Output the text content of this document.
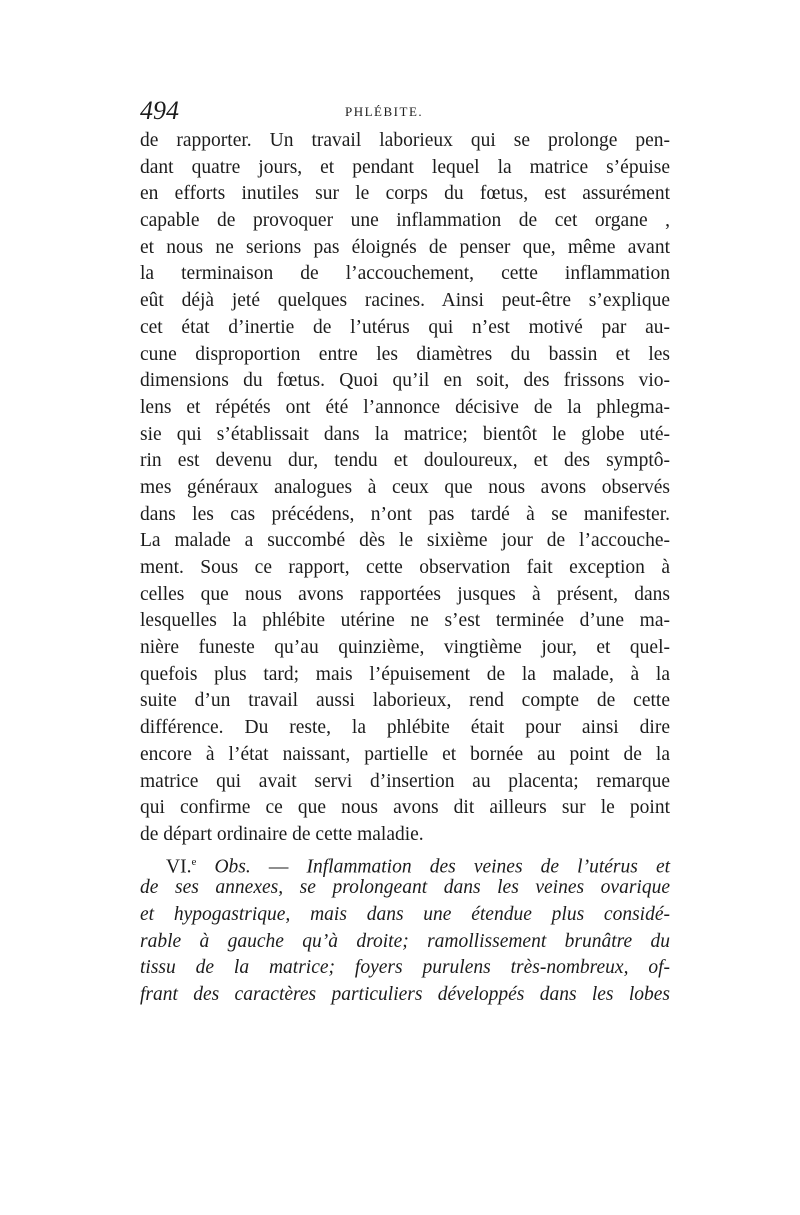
494	PHLÉBITE.
de rapporter. Un travail laborieux qui se prolonge pen-
dant quatre jours, et pendant lequel la matrice s’épuise
en efforts inutiles sur le corps du fœtus, est assurément
capable de provoquer une inflammation de cet organe ,
et nous ne serions pas éloignés de penser que, même avant
la terminaison de l’accouchement, cette inflammation
eût déjà jeté quelques racines. Ainsi peut-être s’explique
cet état d’inertie de l’utérus qui n’est motivé par au-
cune disproportion entre les diamètres du bassin et les
dimensions du fœtus. Quoi qu’il en soit, des frissons vio-
lens et répétés ont été l’annonce décisive de la phlegma-
sie qui s’établissait dans la matrice; bientôt le globe uté-
rin est devenu dur, tendu et douloureux, et des symptô-
mes généraux analogues à ceux que nous avons observés
dans les cas précédens, n’ont pas tardé à se manifester.
La malade a succombé dès le sixième jour de l’accouche-
ment. Sous ce rapport, cette observation fait exception à
celles que nous avons rapportées jusques à présent, dans
lesquelles la phlébite utérine ne s’est terminée d’une ma-
nière funeste qu’au quinzième, vingtième jour, et quel-
quefois plus tard; mais l’épuisement de la malade, à la
suite d’un travail aussi laborieux, rend compte de cette
différence. Du reste, la phlébite était pour ainsi dire
encore à l’état naissant, partielle et bornée au point de la
matrice qui avait servi d’insertion au placenta; remarque
qui confirme ce que nous avons dit ailleurs sur le point
de départ ordinaire de cette maladie.
VI.$^e$ Obs. — Inflammation des veines de l’utérus et
de ses annexes, se prolongeant dans les veines ovarique
et hypogastrique, mais dans une étendue plus considé-
rable à gauche qu’à droite; ramollissement brunâtre du
tissu de la matrice; foyers purulens très-nombreux, of-
frant des caractères particuliers développés dans les lobes
